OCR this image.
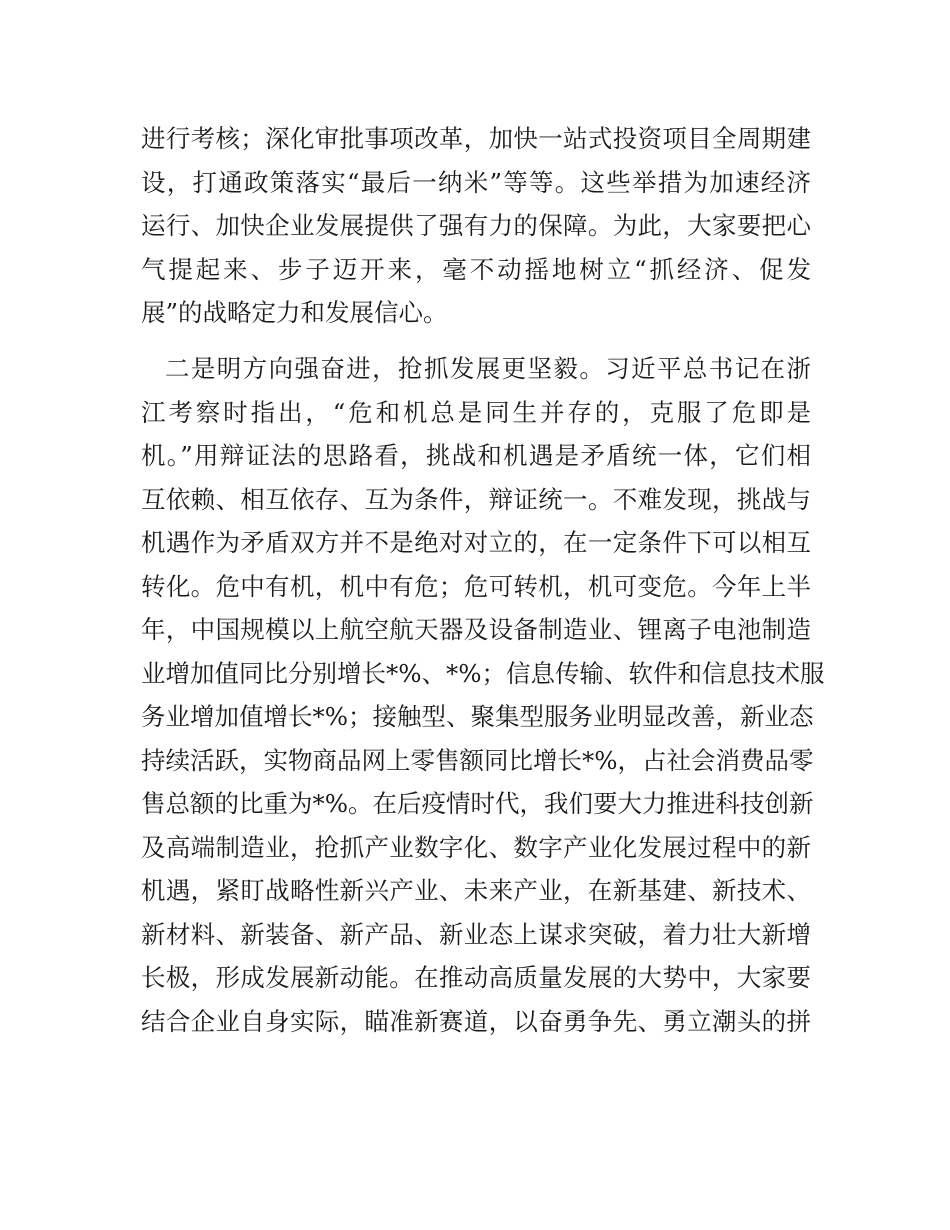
进行考核；深化审批事项改革，加快一站式投资项目全周期建
设，打通政策落实“最后一纳米”等等。这些举措为加速经济
运行、加快企业发展提供了强有力的保障。为此，大家要把心
气提起来、步子迈开来，毫不动摇地树立“抓经济、促发
展”的战略定力和发展信心。
二是明方向强奋进，抢抓发展更坚毅。习近平总书记在浙
江考察时指出，“危和机总是同生并存的，克服了危即是
机。”用辩证法的思路看，挑战和机遇是矛盾统一体，它们相
互依赖、相互依存、互为条件，辩证统一。不难发现，挑战与
机遇作为矛盾双方并不是绝对对立的，在一定条件下可以相互
转化。危中有机，机中有危；危可转机，机可变危。今年上半
年，中国规模以上航空航天器及设备制造业、锂离子电池制造
业增加值同比分别增长*%、*%；信息传输、软件和信息技术服
务业增加值增长*%；接触型、聚集型服务业明显改善，新业态
持续活跃，实物商品网上零售额同比增长*%，占社会消费品零
售总额的比重为*%。在后疫情时代，我们要大力推进科技创新
及高端制造业，抢抓产业数字化、数字产业化发展过程中的新
机遇，紧盯战略性新兴产业、未来产业，在新基建、新技术、
新材料、新装备、新产品、新业态上谋求突破，着力壮大新增
长极，形成发展新动能。在推动高质量发展的大势中，大家要
结合企业自身实际，瞄准新赛道，以奋勇争先、勇立潮头的拼
